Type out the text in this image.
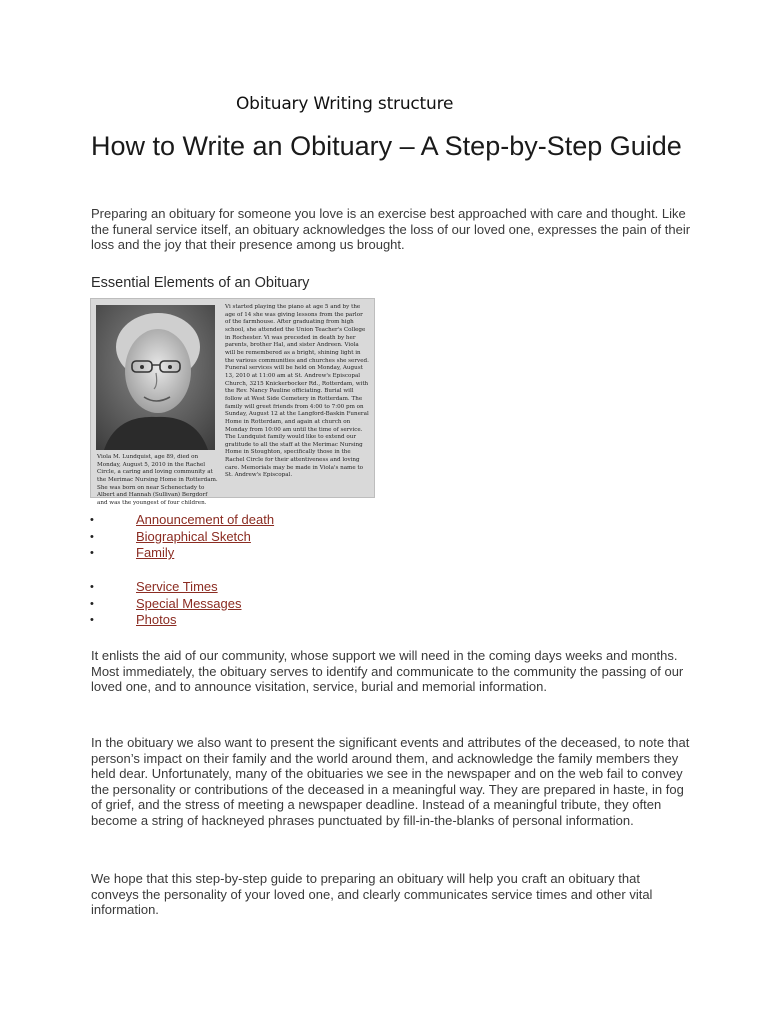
Obituary Writing structure
How to Write an Obituary – A Step-by-Step Guide

Preparing an obituary for someone you love is an exercise best approached with care and thought. Like the funeral service itself, an obituary acknowledges the loss of our loved one, expresses the pain of their loss and the joy that their presence among us brought.

Essential Elements of an Obituary

Vi started playing the piano at age 5 and by the age of 14 she was giving lessons from the parlor of the farmhouse. After graduating from high school, she attended the Union Teacher's College in Rochester. Vi was preceded in death by her parents, brother Hal, and sister Andreen. Viola will be remembered as a bright, shining light in the various communities and churches she served. Funeral services will be held on Monday, August 13, 2010 at 11:00 am at St. Andrew's Episcopal Church, 3215 Knickerbocker Rd., Rotterdam, with the Rev. Nancy Pauline officiating. Burial will follow at West Side Cemetery in Rotterdam. The family will greet friends from 4:00 to 7:00 pm on Sunday, August 12 at the Langford-Baskin Funeral Home in Rotterdam, and again at church on Monday from 10:00 am until the time of service. The Lundquist family would like to extend our gratitude to all the staff at the Merimac Nursing Home in Stoughton, specifically those in the Rachel Circle for their attentiveness and loving care. Memorials may be made in Viola's name to St. Andrew's Episcopal.

Viola M. Lundquist, age 89, died on Monday, August 5, 2010 in the Rachel Circle, a caring and loving community at the Merimac Nursing Home in Rotterdam. She was born on near Schenectady to Albert and Hannah (Sullivan) Bergdorf and was the youngest of four children.

•	Announcement of death
•	Biographical Sketch
•	Family
•	Service Times
•	Special Messages
•	Photos

It enlists the aid of our community, whose support we will need in the coming days weeks and months. Most immediately, the obituary serves to identify and communicate to the community the passing of our loved one, and to announce visitation, service, burial and memorial information.

In the obituary we also want to present the significant events and attributes of the deceased, to note that person’s impact on their family and the world around them, and acknowledge the family members they held dear. Unfortunately, many of the obituaries we see in the newspaper and on the web fail to convey the personality or contributions of the deceased in a meaningful way. They are prepared in haste, in fog of grief, and the stress of meeting a newspaper deadline. Instead of a meaningful tribute, they often become a string of hackneyed phrases punctuated by fill-in-the-blanks of personal information.

We hope that this step-by-step guide to preparing an obituary will help you craft an obituary that conveys the personality of your loved one, and clearly communicates service times and other vital information.
